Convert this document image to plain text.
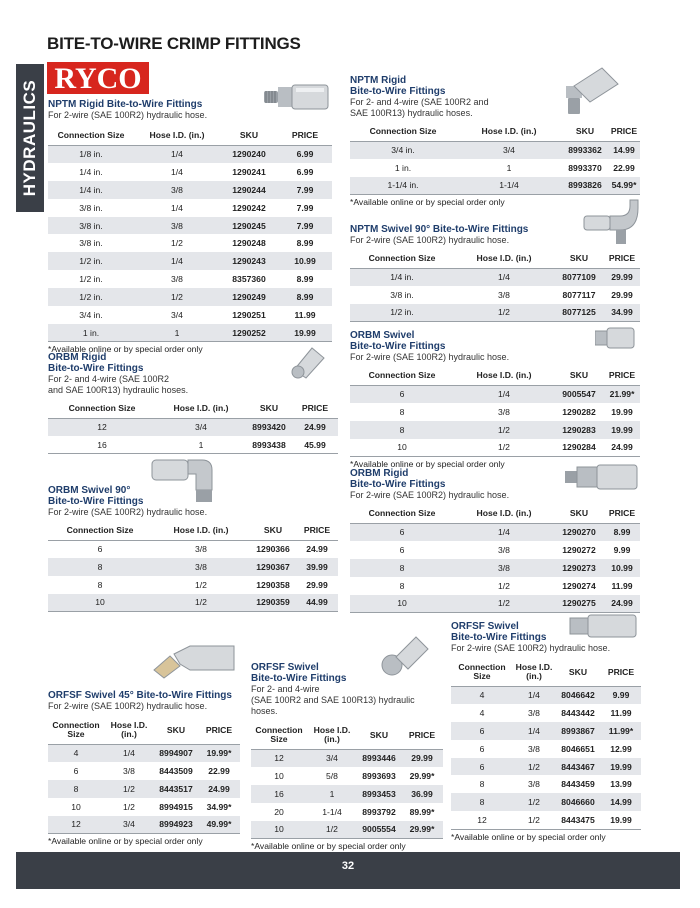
BITE-TO-WIRE CRIMP FITTINGS
HYDRAULICS
RYCO
NPTM Rigid Bite-to-Wire Fittings
For 2-wire (SAE 100R2) hydraulic hose.
Connection Size	Hose I.D. (in.)	SKU	PRICE
1/8 in.	1/4	1290240	6.99
1/4 in.	1/4	1290241	6.99
1/4 in.	3/8	1290244	7.99
3/8 in.	1/4	1290242	7.99
3/8 in.	3/8	1290245	7.99
3/8 in.	1/2	1290248	8.99
1/2 in.	1/4	1290243	10.99
1/2 in.	3/8	8357360	8.99
1/2 in.	1/2	1290249	8.99
3/4 in.	3/4	1290251	11.99
1 in.	1	1290252	19.99
*Available online or by special order only
ORBM Rigid
Bite-to-Wire Fittings
For 2- and 4-wire (SAE 100R2
and SAE 100R13) hydraulic hoses.
Connection Size	Hose I.D. (in.)	SKU	PRICE
12	3/4	8993420	24.99
16	1	8993438	45.99
ORBM Swivel 90°
Bite-to-Wire Fittings
For 2-wire (SAE 100R2) hydraulic hose.
Connection Size	Hose I.D. (in.)	SKU	PRICE
6	3/8	1290366	24.99
8	3/8	1290367	39.99
8	1/2	1290358	29.99
10	1/2	1290359	44.99
NPTM Rigid
Bite-to-Wire Fittings
For 2- and 4-wire (SAE 100R2 and
SAE 100R13) hydraulic hoses.
Connection Size	Hose I.D. (in.)	SKU	PRICE
3/4 in.	3/4	8993362	14.99
1 in.	1	8993370	22.99
1-1/4 in.	1-1/4	8993826	54.99*
*Available online or by special order only
NPTM Swivel 90° Bite-to-Wire Fittings
For 2-wire (SAE 100R2) hydraulic hose.
Connection Size	Hose I.D. (in.)	SKU	PRICE
1/4 in.	1/4	8077109	29.99
3/8 in.	3/8	8077117	29.99
1/2 in.	1/2	8077125	34.99
ORBM Swivel
Bite-to-Wire Fittings
For 2-wire (SAE 100R2) hydraulic hose.
Connection Size	Hose I.D. (in.)	SKU	PRICE
6	1/4	9005547	21.99*
8	3/8	1290282	19.99
8	1/2	1290283	19.99
10	1/2	1290284	24.99
*Available online or by special order only
ORBM Rigid
Bite-to-Wire Fittings
For 2-wire (SAE 100R2) hydraulic hose.
Connection Size	Hose I.D. (in.)	SKU	PRICE
6	1/4	1290270	8.99
6	3/8	1290272	9.99
8	3/8	1290273	10.99
8	1/2	1290274	11.99
10	1/2	1290275	24.99
ORFSF Swivel 45° Bite-to-Wire Fittings
For 2-wire (SAE 100R2) hydraulic hose.
Connection Size	Hose I.D. (in.)	SKU	PRICE
4	1/4	8994907	19.99*
6	3/8	8443509	22.99
8	1/2	8443517	24.99
10	1/2	8994915	34.99*
12	3/4	8994923	49.99*
*Available online or by special order only
ORFSF Swivel
Bite-to-Wire Fittings
For 2- and 4-wire
(SAE 100R2 and SAE 100R13) hydraulic hoses.
Connection Size	Hose I.D. (in.)	SKU	PRICE
12	3/4	8993446	29.99
10	5/8	8993693	29.99*
16	1	8993453	36.99
20	1-1/4	8993792	89.99*
10	1/2	9005554	29.99*
*Available online or by special order only
ORFSF Swivel
Bite-to-Wire Fittings
For 2-wire (SAE 100R2) hydraulic hose.
Connection Size	Hose I.D. (in.)	SKU	PRICE
4	1/4	8046642	9.99
4	3/8	8443442	11.99
6	1/4	8993867	11.99*
6	3/8	8046651	12.99
6	1/2	8443467	19.99
8	3/8	8443459	13.99
8	1/2	8046660	14.99
12	1/2	8443475	19.99
*Available online or by special order only
32
